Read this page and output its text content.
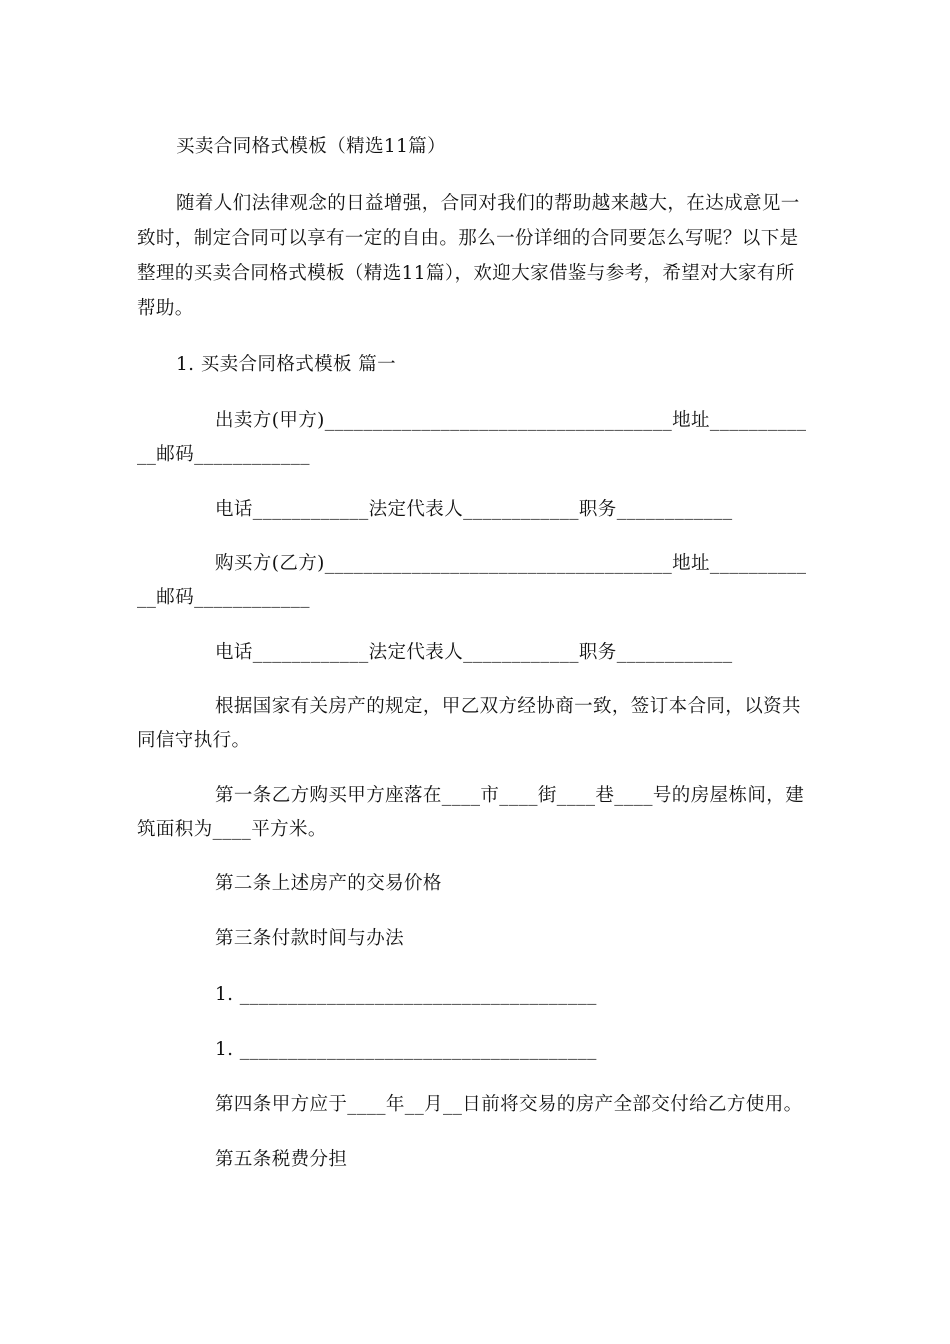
买卖合同格式模板（精选11篇）

随着人们法律观念的日益增强，合同对我们的帮助越来越大，在达成意见一

致时，制定合同可以享有一定的自由。那么一份详细的合同要怎么写呢？以下是

整理的买卖合同格式模板（精选11篇），欢迎大家借鉴与参考，希望对大家有所

帮助。

1. 买卖合同格式模板 篇一

出卖方(甲方)____________________________________地址__________

__邮码____________

电话____________法定代表人____________职务____________

购买方(乙方)____________________________________地址__________

__邮码____________

电话____________法定代表人____________职务____________

根据国家有关房产的规定，甲乙双方经协商一致，签订本合同，以资共

同信守执行。

第一条乙方购买甲方座落在____市____街____巷____号的房屋栋间，建

筑面积为____平方米。

第二条上述房产的交易价格

第三条付款时间与办法

1. _____________________________________

1. _____________________________________

第四条甲方应于____年__月__日前将交易的房产全部交付给乙方使用。

第五条税费分担
